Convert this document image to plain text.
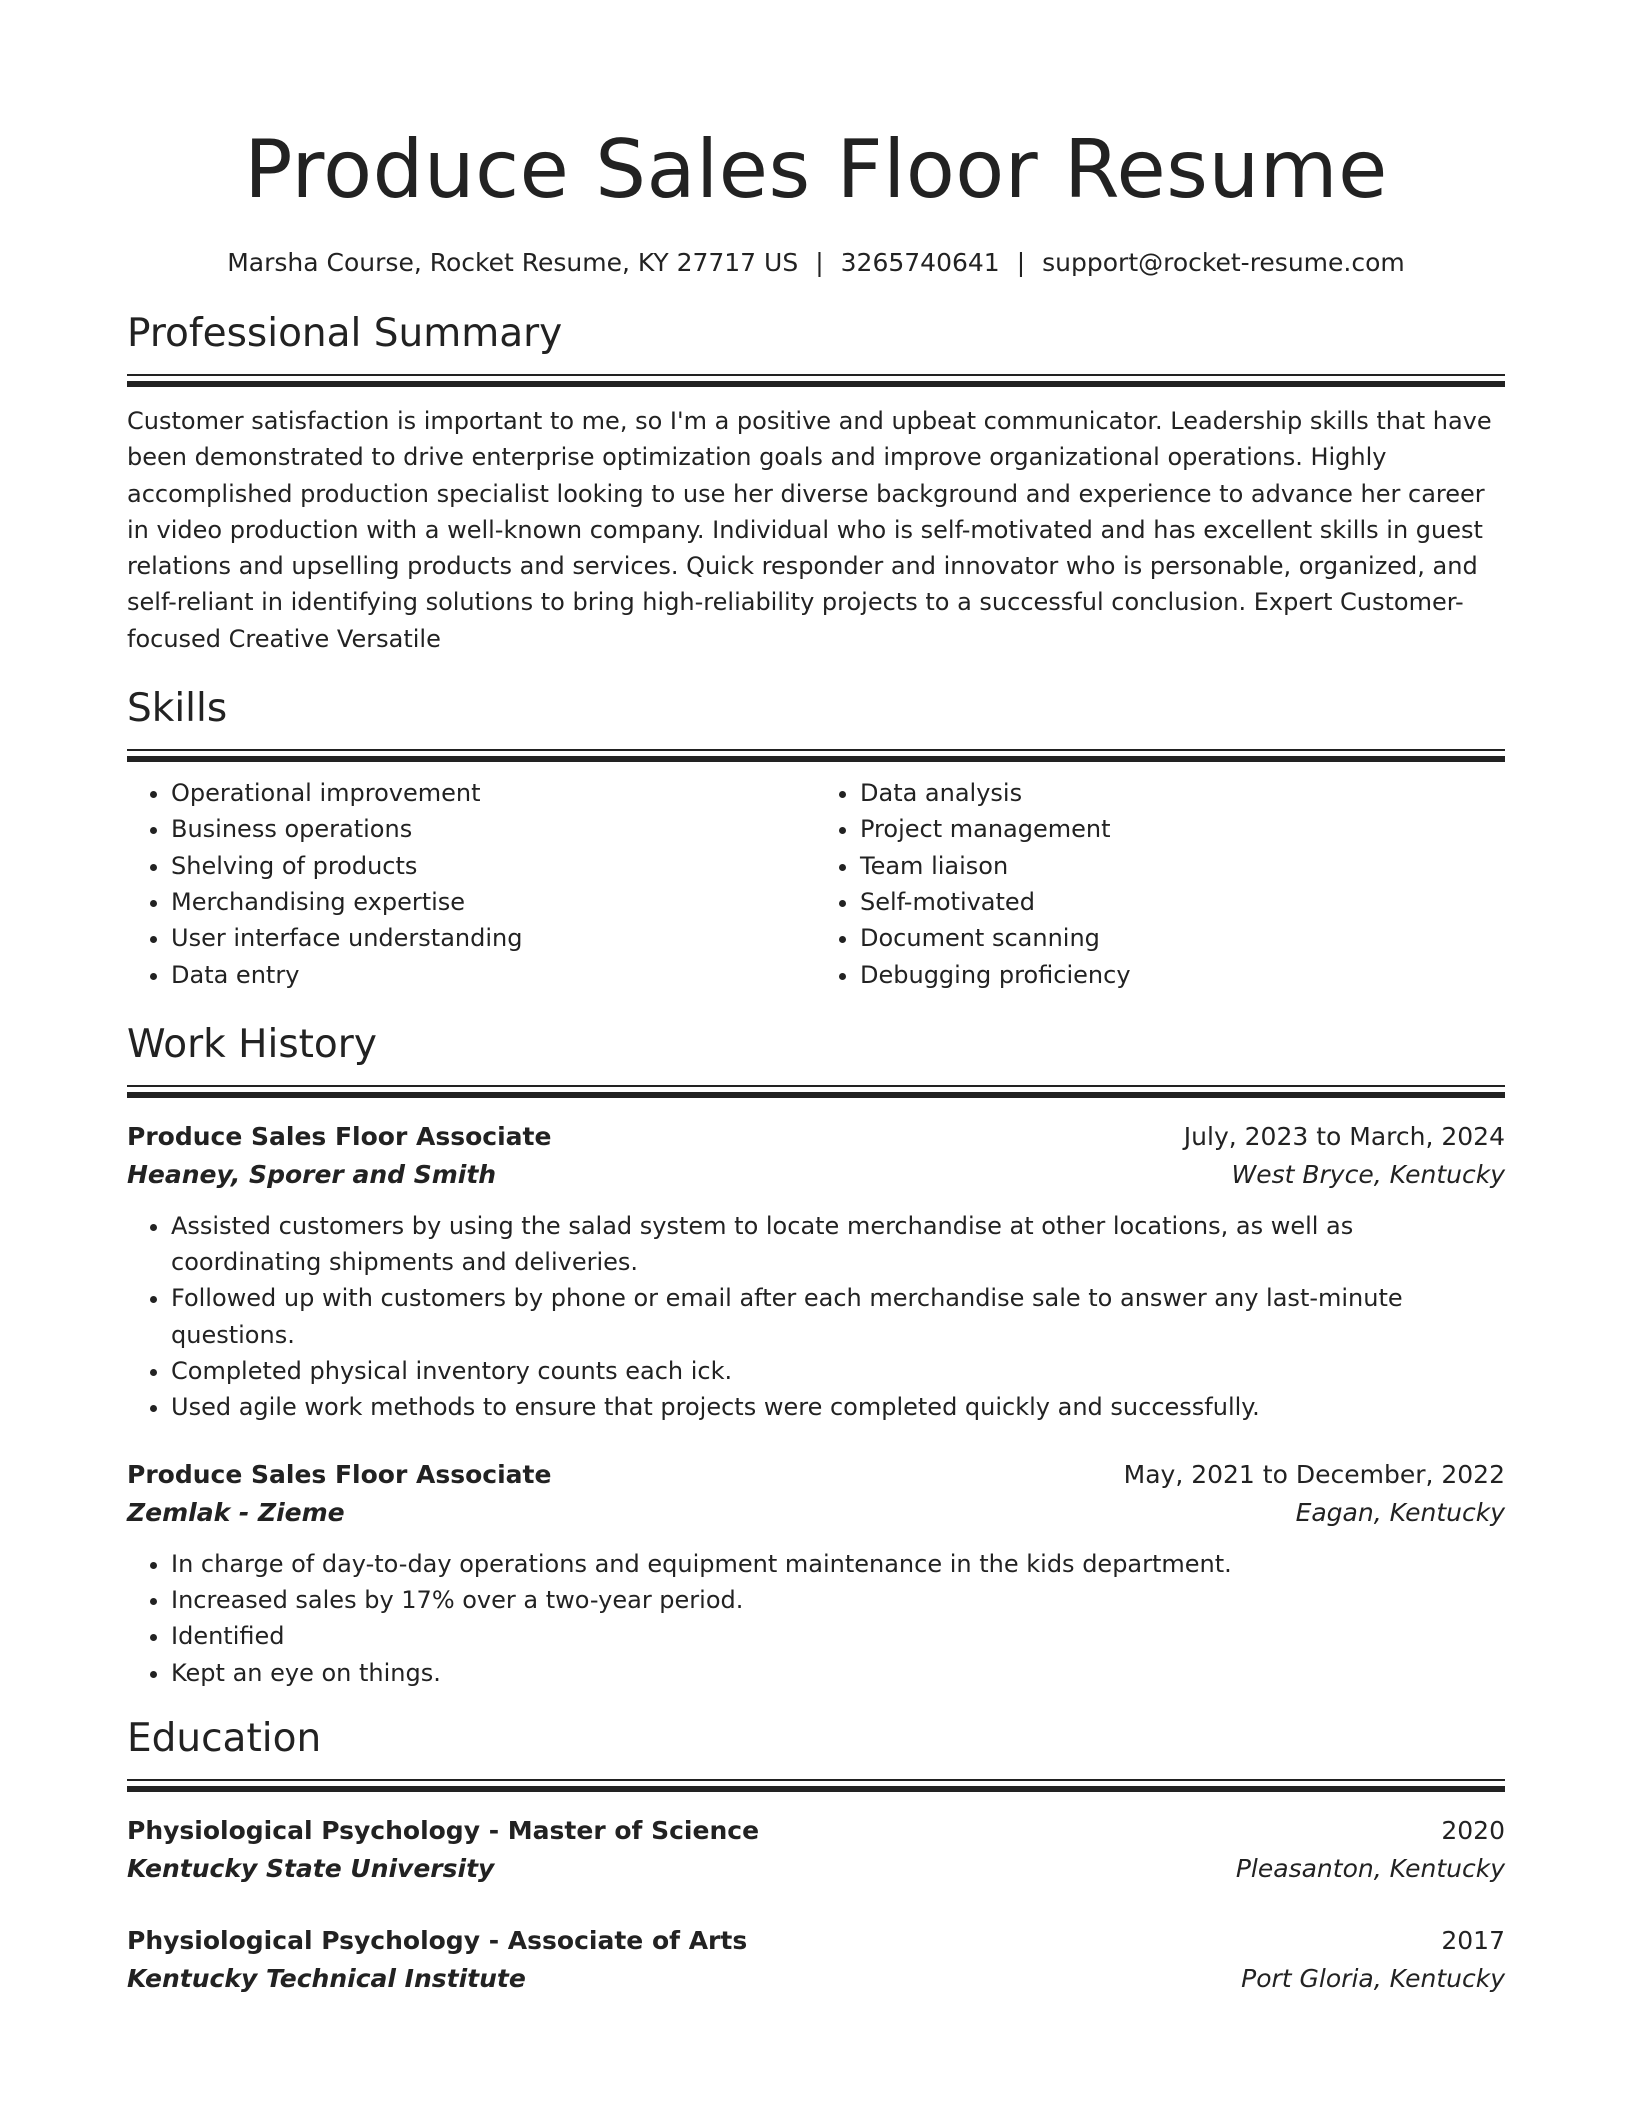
Produce Sales Floor Resume
Marsha Course, Rocket Resume, KY 27717 US | 3265740641 | support@rocket-resume.com
Professional Summary
Customer satisfaction is important to me, so I'm a positive and upbeat communicator. Leadership skills that have been demonstrated to drive enterprise optimization goals and improve organizational operations. Highly accomplished production specialist looking to use her diverse background and experience to advance her career in video production with a well-known company. Individual who is self-motivated and has excellent skills in guest relations and upselling products and services. Quick responder and innovator who is personable, organized, and self-reliant in identifying solutions to bring high-reliability projects to a successful conclusion. Expert Customer-focused Creative Versatile
Skills
• Operational improvement
• Business operations
• Shelving of products
• Merchandising expertise
• User interface understanding
• Data entry
• Data analysis
• Project management
• Team liaison
• Self-motivated
• Document scanning
• Debugging proficiency
Work History
Produce Sales Floor Associate	July, 2023 to March, 2024
Heaney, Sporer and Smith	West Bryce, Kentucky
• Assisted customers by using the salad system to locate merchandise at other locations, as well as coordinating shipments and deliveries.
• Followed up with customers by phone or email after each merchandise sale to answer any last-minute questions.
• Completed physical inventory counts each ick.
• Used agile work methods to ensure that projects were completed quickly and successfully.
Produce Sales Floor Associate	May, 2021 to December, 2022
Zemlak - Zieme	Eagan, Kentucky
• In charge of day-to-day operations and equipment maintenance in the kids department.
• Increased sales by 17% over a two-year period.
• Identified
• Kept an eye on things.
Education
Physiological Psychology - Master of Science	2020
Kentucky State University	Pleasanton, Kentucky
Physiological Psychology - Associate of Arts	2017
Kentucky Technical Institute	Port Gloria, Kentucky
